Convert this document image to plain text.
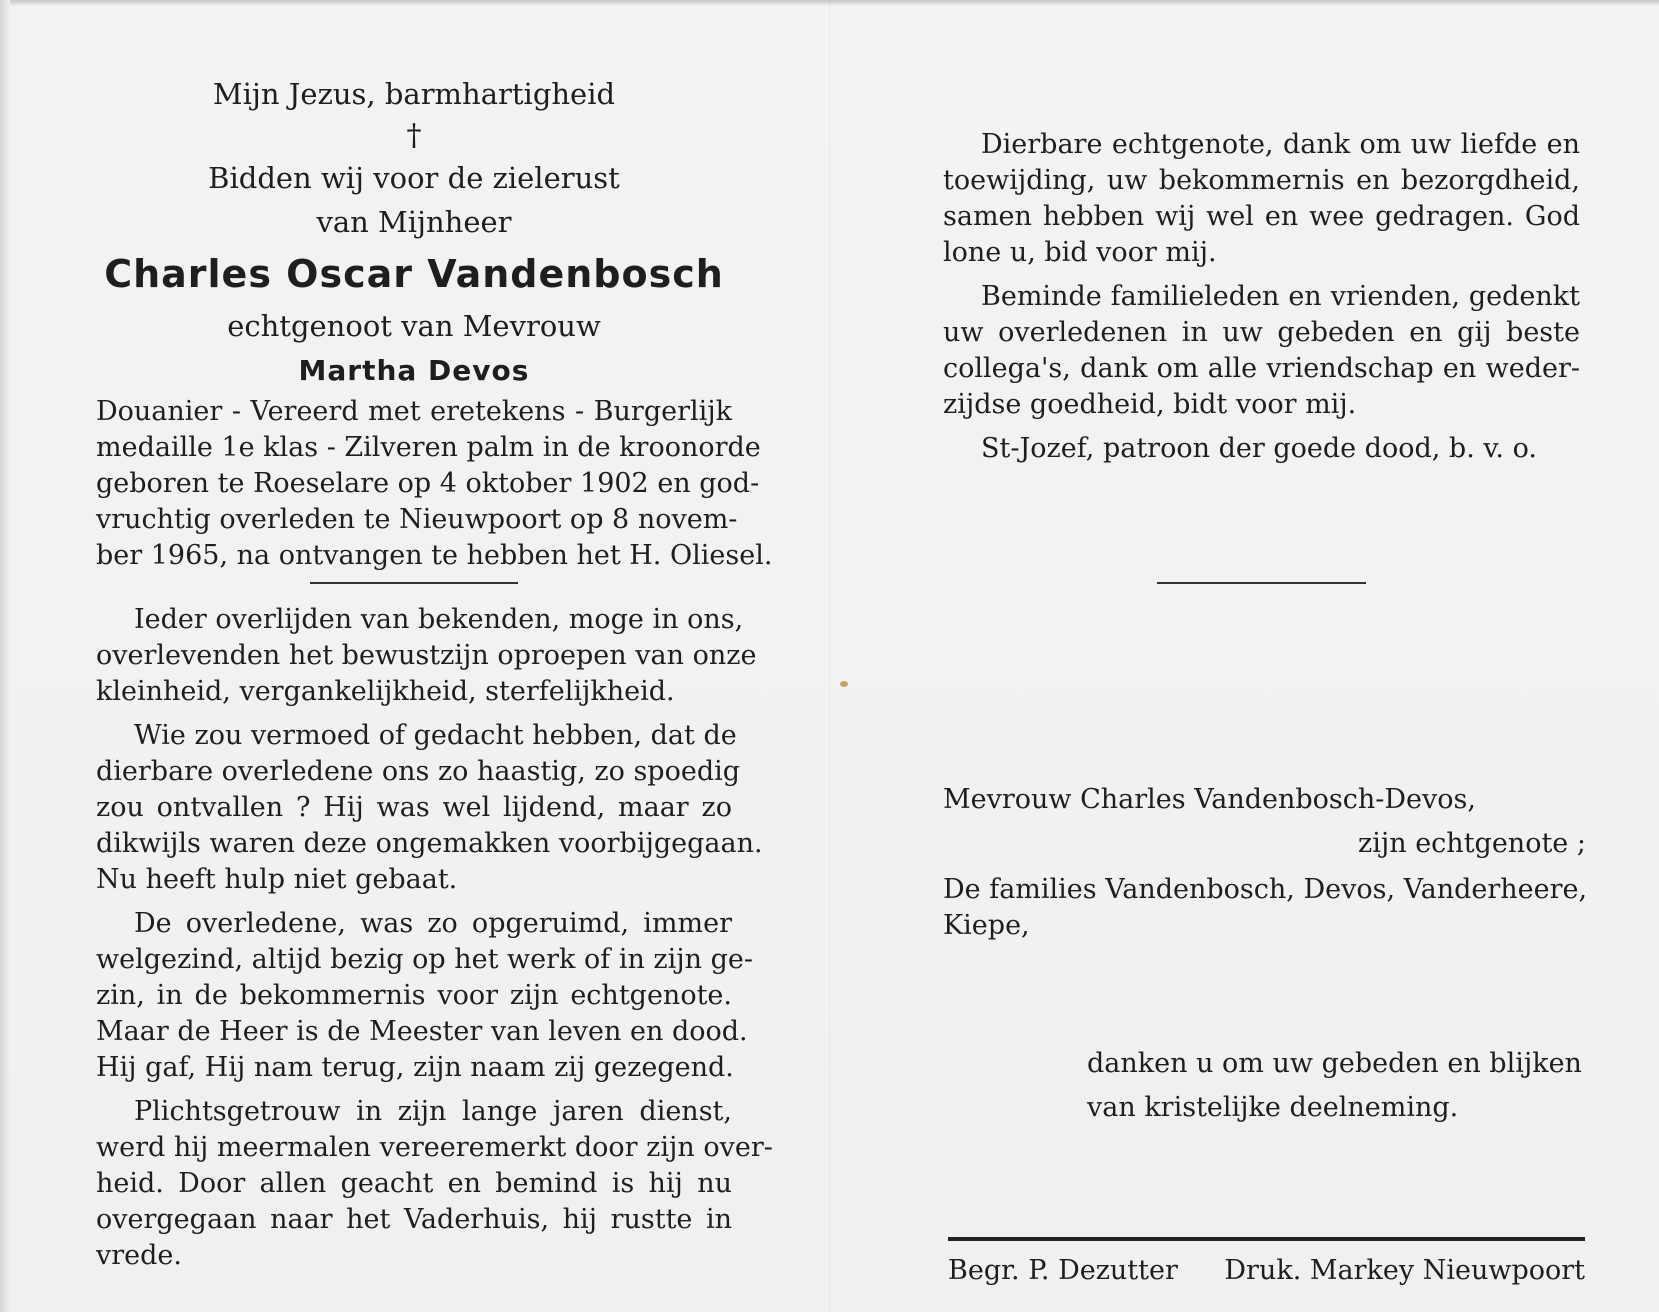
Mijn Jezus, barmhartigheid
†
Bidden wij voor de zielerust
van Mijnheer
Charles Oscar Vandenbosch
echtgenoot van Mevrouw
Martha Devos
Douanier - Vereerd met eretekens - Burgerlijk
medaille 1e klas - Zilveren palm in de kroonorde
geboren te Roeselare op 4 oktober 1902 en god-
vruchtig overleden te Nieuwpoort op 8 novem-
ber 1965, na ontvangen te hebben het H. Oliesel.
Ieder overlijden van bekenden, moge in ons,
overlevenden het bewustzijn oproepen van onze
kleinheid, vergankelijkheid, sterfelijkheid.
Wie zou vermoed of gedacht hebben, dat de
dierbare overledene ons zo haastig, zo spoedig
zou ontvallen ? Hij was wel lijdend, maar zo
dikwijls waren deze ongemakken voorbijgegaan.
Nu heeft hulp niet gebaat.
De overledene, was zo opgeruimd, immer
welgezind, altijd bezig op het werk of in zijn ge-
zin, in de bekommernis voor zijn echtgenote.
Maar de Heer is de Meester van leven en dood.
Hij gaf, Hij nam terug, zijn naam zij gezegend.
Plichtsgetrouw in zijn lange jaren dienst,
werd hij meermalen vereeremerkt door zijn over-
heid. Door allen geacht en bemind is hij nu
overgegaan naar het Vaderhuis, hij rustte in
vrede.
Dierbare echtgenote, dank om uw liefde en
toewijding, uw bekommernis en bezorgdheid,
samen hebben wij wel en wee gedragen. God
lone u, bid voor mij.
Beminde familieleden en vrienden, gedenkt
uw overledenen in uw gebeden en gij beste
collega's, dank om alle vriendschap en weder-
zijdse goedheid, bidt voor mij.
St-Jozef, patroon der goede dood, b. v. o.
Mevrouw Charles Vandenbosch-Devos,
zijn echtgenote ;
De families Vandenbosch, Devos, Vanderheere,
Kiepe,
danken u om uw gebeden en blijken
van kristelijke deelneming.
Begr. P. Dezutter Druk. Markey Nieuwpoort
